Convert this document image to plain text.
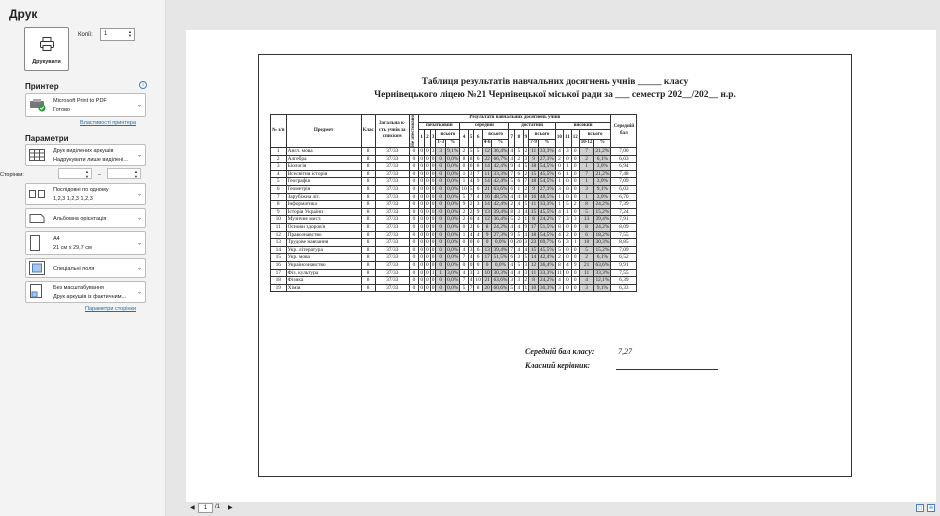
Друк
Друкувати
Копії:	1	▲
▼
Принтер	i
Microsoft Print to PDF
Готово
⌄
Властивості принтера
Параметри
Друк виділених аркушів
Надрукувати лише виділені...
⌄
Сторінки:
▲
▼ –
▲
▼
Послідовні по одному
1,2,3 1,2,3 1,2,3
⌄
Альбомна орієнтація	⌄
A4
21 см x 29,7 см
⌄
Спеціальні поля	⌄
Без масштабування
Друк аркушів із фактичним...
⌄
Параметри сторінки
Таблиця результатів навчальних досягнень учнів _____ класу
Чернівецького ліцею №21 Чернівецької міської ради за ___ семестр 202__/202__ н.р.
№ з/п	Предмет	Клас	Загальна к-сть учнів за списком	Не атестовано	Результати навчальних досягнень учнів																				Середній бал
					початковий					середній					достатній					високий					
					1	2	3	всього		4	5	6	всього		7	8	9	всього		10	11	12	всього		
								1-3	%				4-6	%				7-9	%				10-12	%	
1	Англ. мова	8	37/33	0	0	0	3	3	9,1%	2	5	5	12	36,4%	4	5	2	11	33,3%	4	3	0	7	21,2%	7,00
2	Алгебра	8	37/33	0	0	0	0	0	0,0%	8	8	6	22	66,7%	4	2	3	9	27,3%	2	0	0	2	6,1%	6,03
3	Біологія	8	37/33	0	0	0	0	0	0,0%	0	6	8	14	42,4%	9	4	5	18	54,5%	0	1	0	1	3,0%	6,94
4	Всесвітня історія	8	37/33	0	0	0	0	0	0,0%	1	3	7	11	33,3%	7	6	2	15	45,5%	6	1	0	7	21,2%	7,48
5	Географія	8	37/33	0	0	0	0	0	0,0%	1	4	9	14	42,4%	5	6	7	18	54,5%	1	0	0	1	3,0%	7,09
6	Геометрія	8	37/33	0	0	0	0	0	0,0%	10	5	6	21	63,6%	6	1	2	9	27,3%	3	0	0	3	9,1%	6,03
7	Зарубіжна літ.	8	37/33	0	0	0	0	0	0,0%	5	7	4	16	48,5%	4	4	8	16	48,5%	1	0	0	1	3,0%	6,70
8	Інформатика	8	37/33	0	0	0	0	0	0,0%	9	2	3	14	42,4%	2	4	5	11	33,3%	1	5	2	8	24,2%	7,39
9	Історія України	8	37/33	0	0	0	0	0	0,0%	2	2	9	13	39,4%	8	3	4	15	45,5%	4	1	0	5	15,2%	7,24
10	Музичне мист.	8	37/33	0	0	0	0	0	0,0%	2	6	4	12	36,4%	5	2	1	8	24,2%	7	3	3	13	39,4%	7,91
11	Основи здоров'я	8	37/33	0	0	0	0	0	0,0%	0	2	6	8	24,2%	4	4	9	17	51,5%	8	0	0	8	24,2%	8,09
12	Правознавство	8	37/33	0	0	0	0	0	0,0%	1	4	4	9	27,3%	9	5	4	18	54,5%	4	2	0	6	18,2%	7,55
13	Трудове навчання	8	37/33	0	0	0	0	0	0,0%	0	0	0	0	0,0%	0	20	3	23	69,7%	6	3	1	10	30,3%	8,85
14	Укр. література	8	37/33	0	0	0	0	0	0,0%	4	3	6	13	39,4%	7	4	4	15	45,5%	5	0	0	5	15,2%	7,09
15	Укр. мова	8	37/33	0	0	0	0	0	0,0%	7	4	6	17	51,5%	6	3	5	14	42,4%	2	0	0	2	6,1%	6,52
16	Українознавство	8	37/33	0	0	0	0	0	0,0%	0	0	0	0	0,0%	4	5	3	12	36,4%	8	4	9	21	63,6%	9,91
17	Фіз. культура	8	37/33	0	0	0	1	1	3,0%	4	3	3	10	30,3%	4	4	3	11	33,3%	11	0	0	11	33,3%	7,55
18	Фізика	8	37/33	0	0	0	0	0	0,0%	7	4	10	21	63,6%	3	3	2	8	24,2%	4	0	0	4	12,1%	6,39
19	Хімія	8	37/33	0	0	0	0	0	0,0%	5	7	8	20	60,6%	5	4	1	10	30,3%	3	0	0	3	9,1%	6,33
Середній бал класу:	7,27
Класний керівник:
◀	1	/1 ▶	▢	⊕
